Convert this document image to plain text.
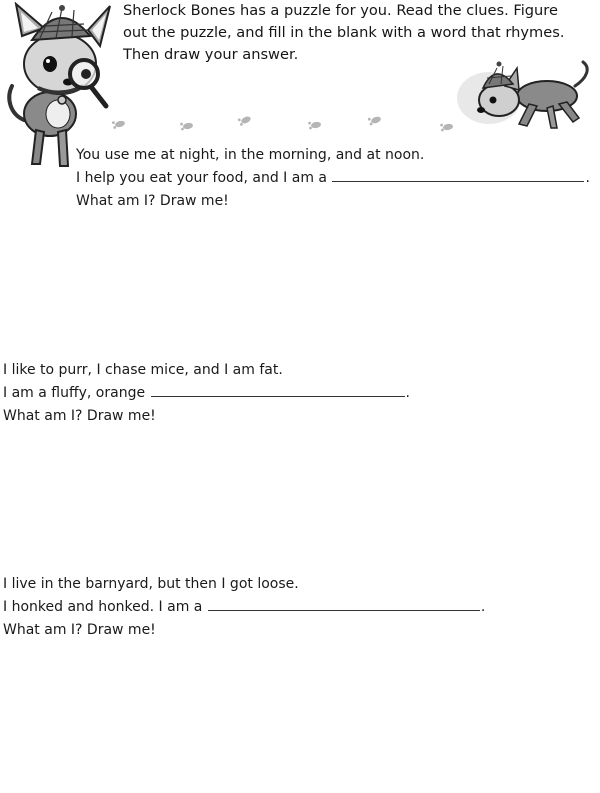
Sherlock Bones has a puzzle for you. Read the clues. Figure
out the puzzle, and fill in the blank with a word that rhymes.
Then draw your answer.

You use me at night, in the morning, and at noon.

I help you eat your food, and I am a	.

What am I? Draw me!

I like to purr, I chase mice, and I am fat.

I am a fluffy, orange	.

What am I? Draw me!

I live in the barnyard, but then I got loose.

I honked and honked. I am a	.

What am I? Draw me!
